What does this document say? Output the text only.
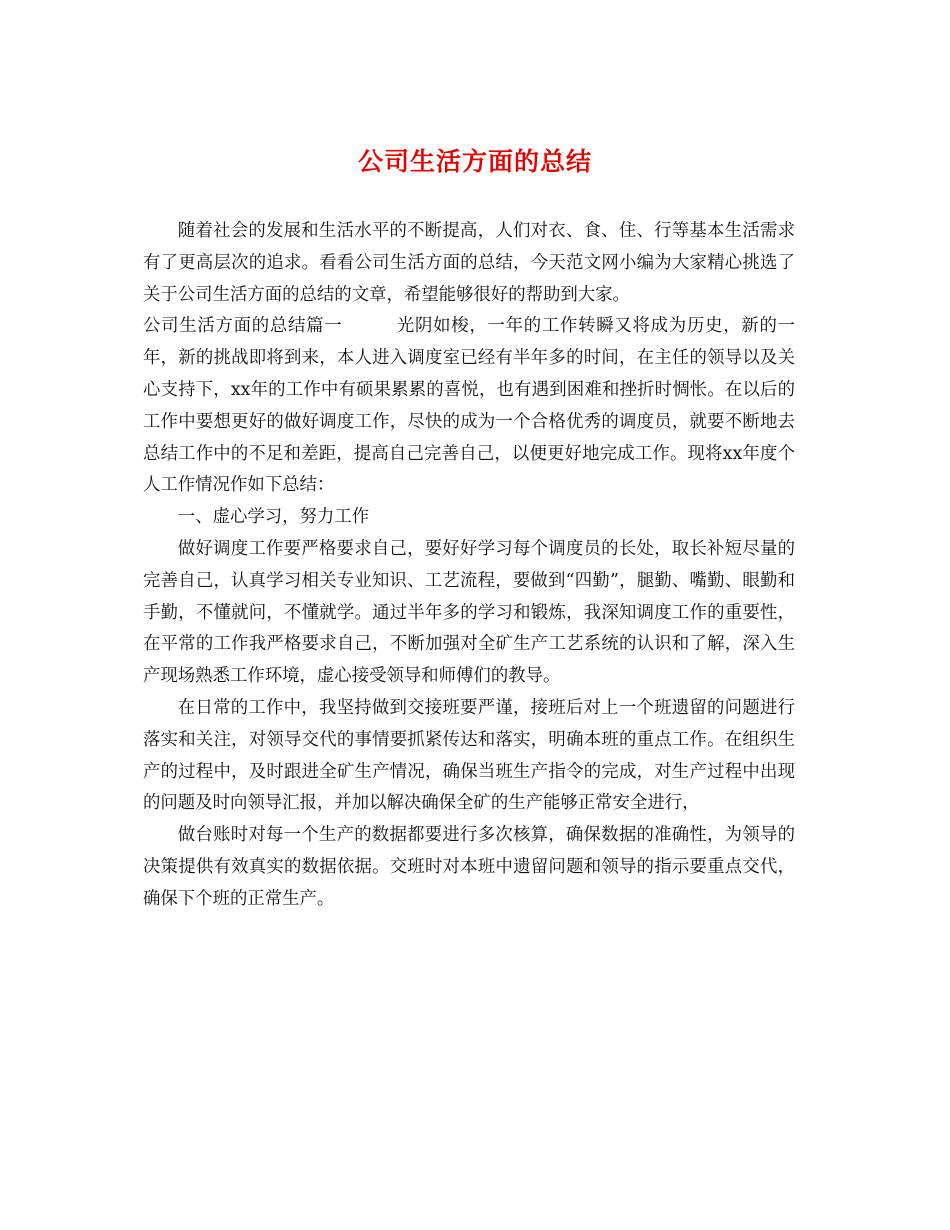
公司生活方面的总结

随着社会的发展和生活水平的不断提高，人们对衣、食、住、行等基本生活需求有了更高层次的追求。看看公司生活方面的总结，今天范文网小编为大家精心挑选了关于公司生活方面的总结的文章，希望能够很好的帮助到大家。

公司生活方面的总结篇一　　　光阴如梭，一年的工作转瞬又将成为历史，新的一年，新的挑战即将到来，本人进入调度室已经有半年多的时间，在主任的领导以及关心支持下，xx年的工作中有硕果累累的喜悦，也有遇到困难和挫折时惆怅。在以后的工作中要想更好的做好调度工作，尽快的成为一个合格优秀的调度员，就要不断地去总结工作中的不足和差距，提高自己完善自己，以便更好地完成工作。现将xx年度个人工作情况作如下总结：

一、虚心学习，努力工作

做好调度工作要严格要求自己，要好好学习每个调度员的长处，取长补短尽量的完善自己，认真学习相关专业知识、工艺流程，要做到“四勤”，腿勤、嘴勤、眼勤和手勤，不懂就问，不懂就学。通过半年多的学习和锻炼，我深知调度工作的重要性，在平常的工作我严格要求自己，不断加强对全矿生产工艺系统的认识和了解，深入生产现场熟悉工作环境，虚心接受领导和师傅们的教导。

在日常的工作中，我坚持做到交接班要严谨，接班后对上一个班遗留的问题进行落实和关注，对领导交代的事情要抓紧传达和落实，明确本班的重点工作。在组织生产的过程中，及时跟进全矿生产情况，确保当班生产指令的完成，对生产过程中出现的问题及时向领导汇报，并加以解决确保全矿的生产能够正常安全进行，

做台账时对每一个生产的数据都要进行多次核算，确保数据的准确性，为领导的决策提供有效真实的数据依据。交班时对本班中遗留问题和领导的指示要重点交代，确保下个班的正常生产。
